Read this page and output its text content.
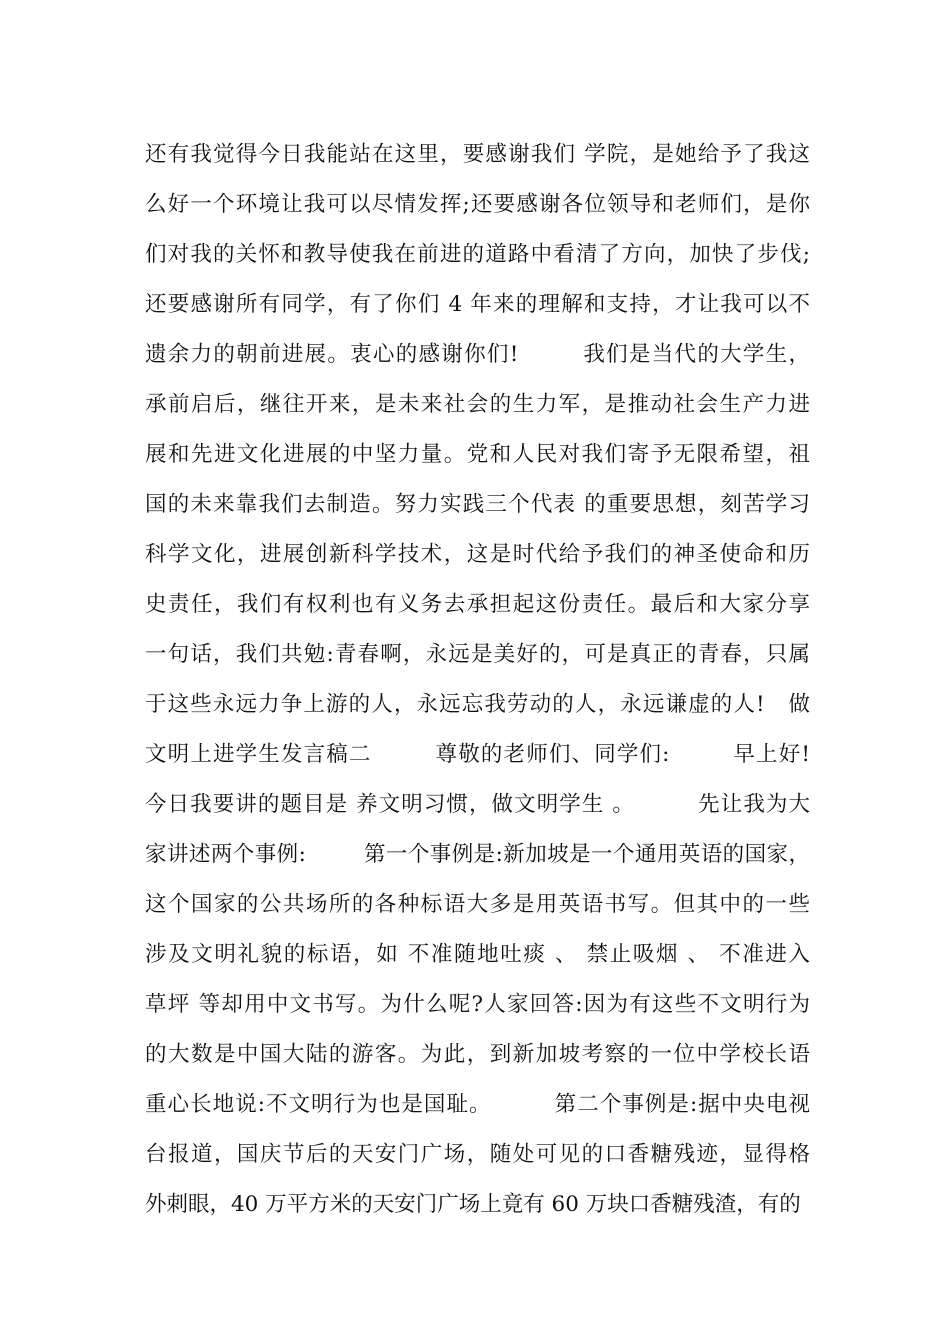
还有我觉得今日我能站在这里，要感谢我们 学院，是她给予了我这
么好一个环境让我可以尽情发挥;还要感谢各位领导和老师们，是你
们对我的关怀和教导使我在前进的道路中看清了方向，加快了步伐;
还要感谢所有同学，有了你们 4 年来的理解和支持，才让我可以不
遗余力的朝前进展。衷心的感谢你们!        我们是当代的大学生，
承前启后，继往开来，是未来社会的生力军，是推动社会生产力进
展和先进文化进展的中坚力量。党和人民对我们寄予无限希望，祖
国的未来靠我们去制造。努力实践三个代表 的重要思想，刻苦学习
科学文化，进展创新科学技术，这是时代给予我们的神圣使命和历
史责任，我们有权利也有义务去承担起这份责任。最后和大家分享
一句话，我们共勉:青春啊，永远是美好的，可是真正的青春，只属
于这些永远力争上游的人，永远忘我劳动的人，永远谦虚的人!   做
文明上进学生发言稿二        尊敬的老师们、同学们:        早上好!
今日我要讲的题目是 养文明习惯，做文明学生 。        先让我为大
家讲述两个事例:        第一个事例是:新加坡是一个通用英语的国家，
这个国家的公共场所的各种标语大多是用英语书写。但其中的一些
涉及文明礼貌的标语，如 不准随地吐痰 、 禁止吸烟 、 不准进入
草坪 等却用中文书写。为什么呢?人家回答:因为有这些不文明行为
的大数是中国大陆的游客。为此，到新加坡考察的一位中学校长语
重心长地说:不文明行为也是国耻。        第二个事例是:据中央电视
台报道，国庆节后的天安门广场，随处可见的口香糖残迹，显得格
外刺眼，40 万平方米的天安门广场上竟有 60 万块口香糖残渣，有的
